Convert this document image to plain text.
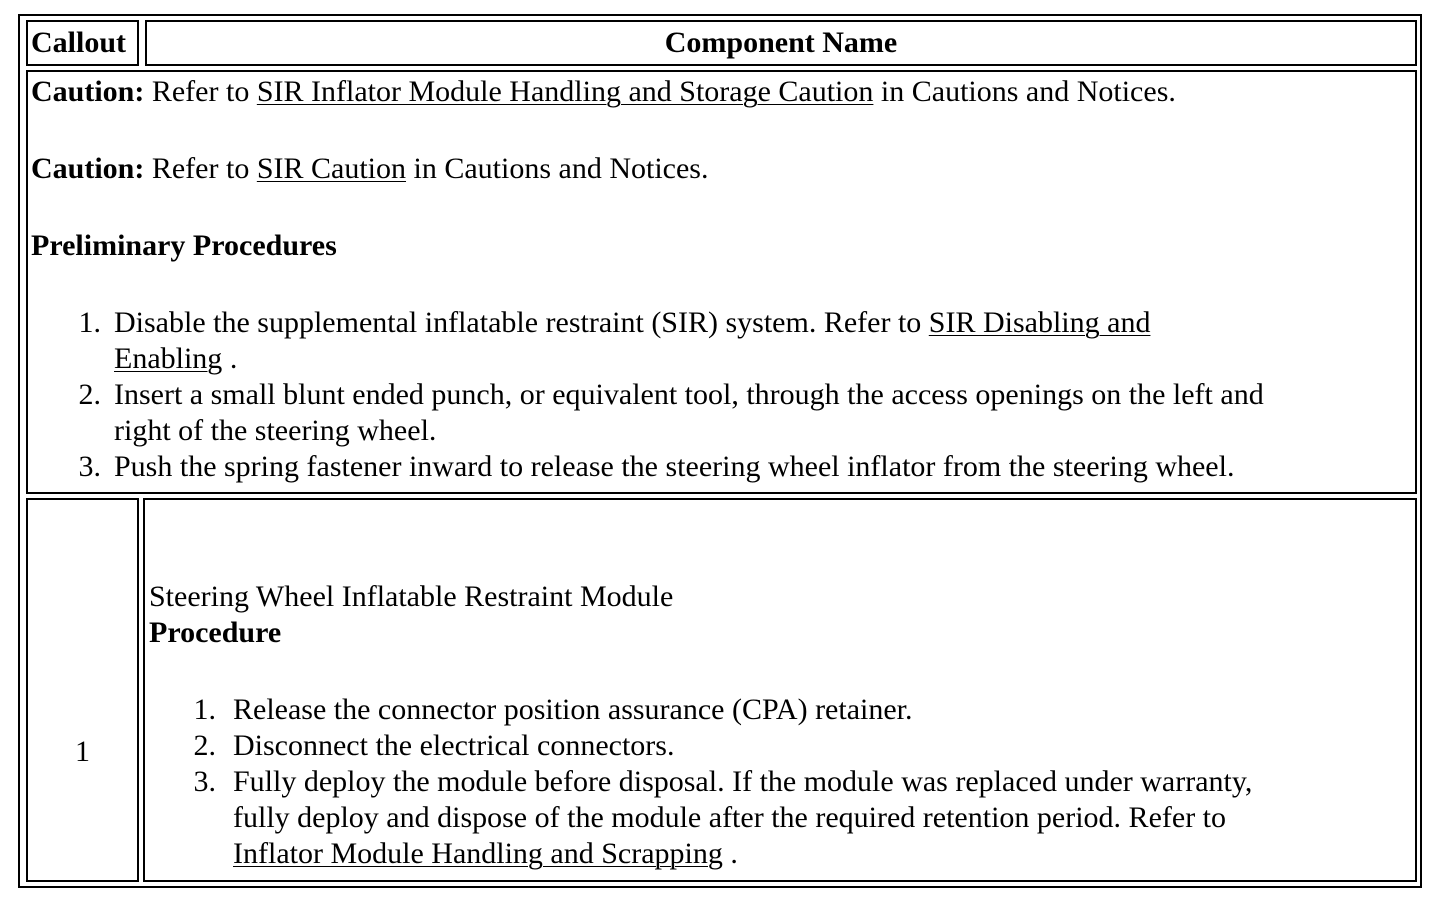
Callout	Component Name
Caution: Refer to SIR Inflator Module Handling and Storage Caution in Cautions and Notices.
Caution: Refer to SIR Caution in Cautions and Notices.
Preliminary Procedures
1. Disable the supplemental inflatable restraint (SIR) system. Refer to SIR Disabling and
Enabling .
2. Insert a small blunt ended punch, or equivalent tool, through the access openings on the left and
right of the steering wheel.
3. Push the spring fastener inward to release the steering wheel inflator from the steering wheel.
1
Steering Wheel Inflatable Restraint Module
Procedure
1. Release the connector position assurance (CPA) retainer.
2. Disconnect the electrical connectors.
3. Fully deploy the module before disposal. If the module was replaced under warranty,
fully deploy and dispose of the module after the required retention period. Refer to
Inflator Module Handling and Scrapping .
